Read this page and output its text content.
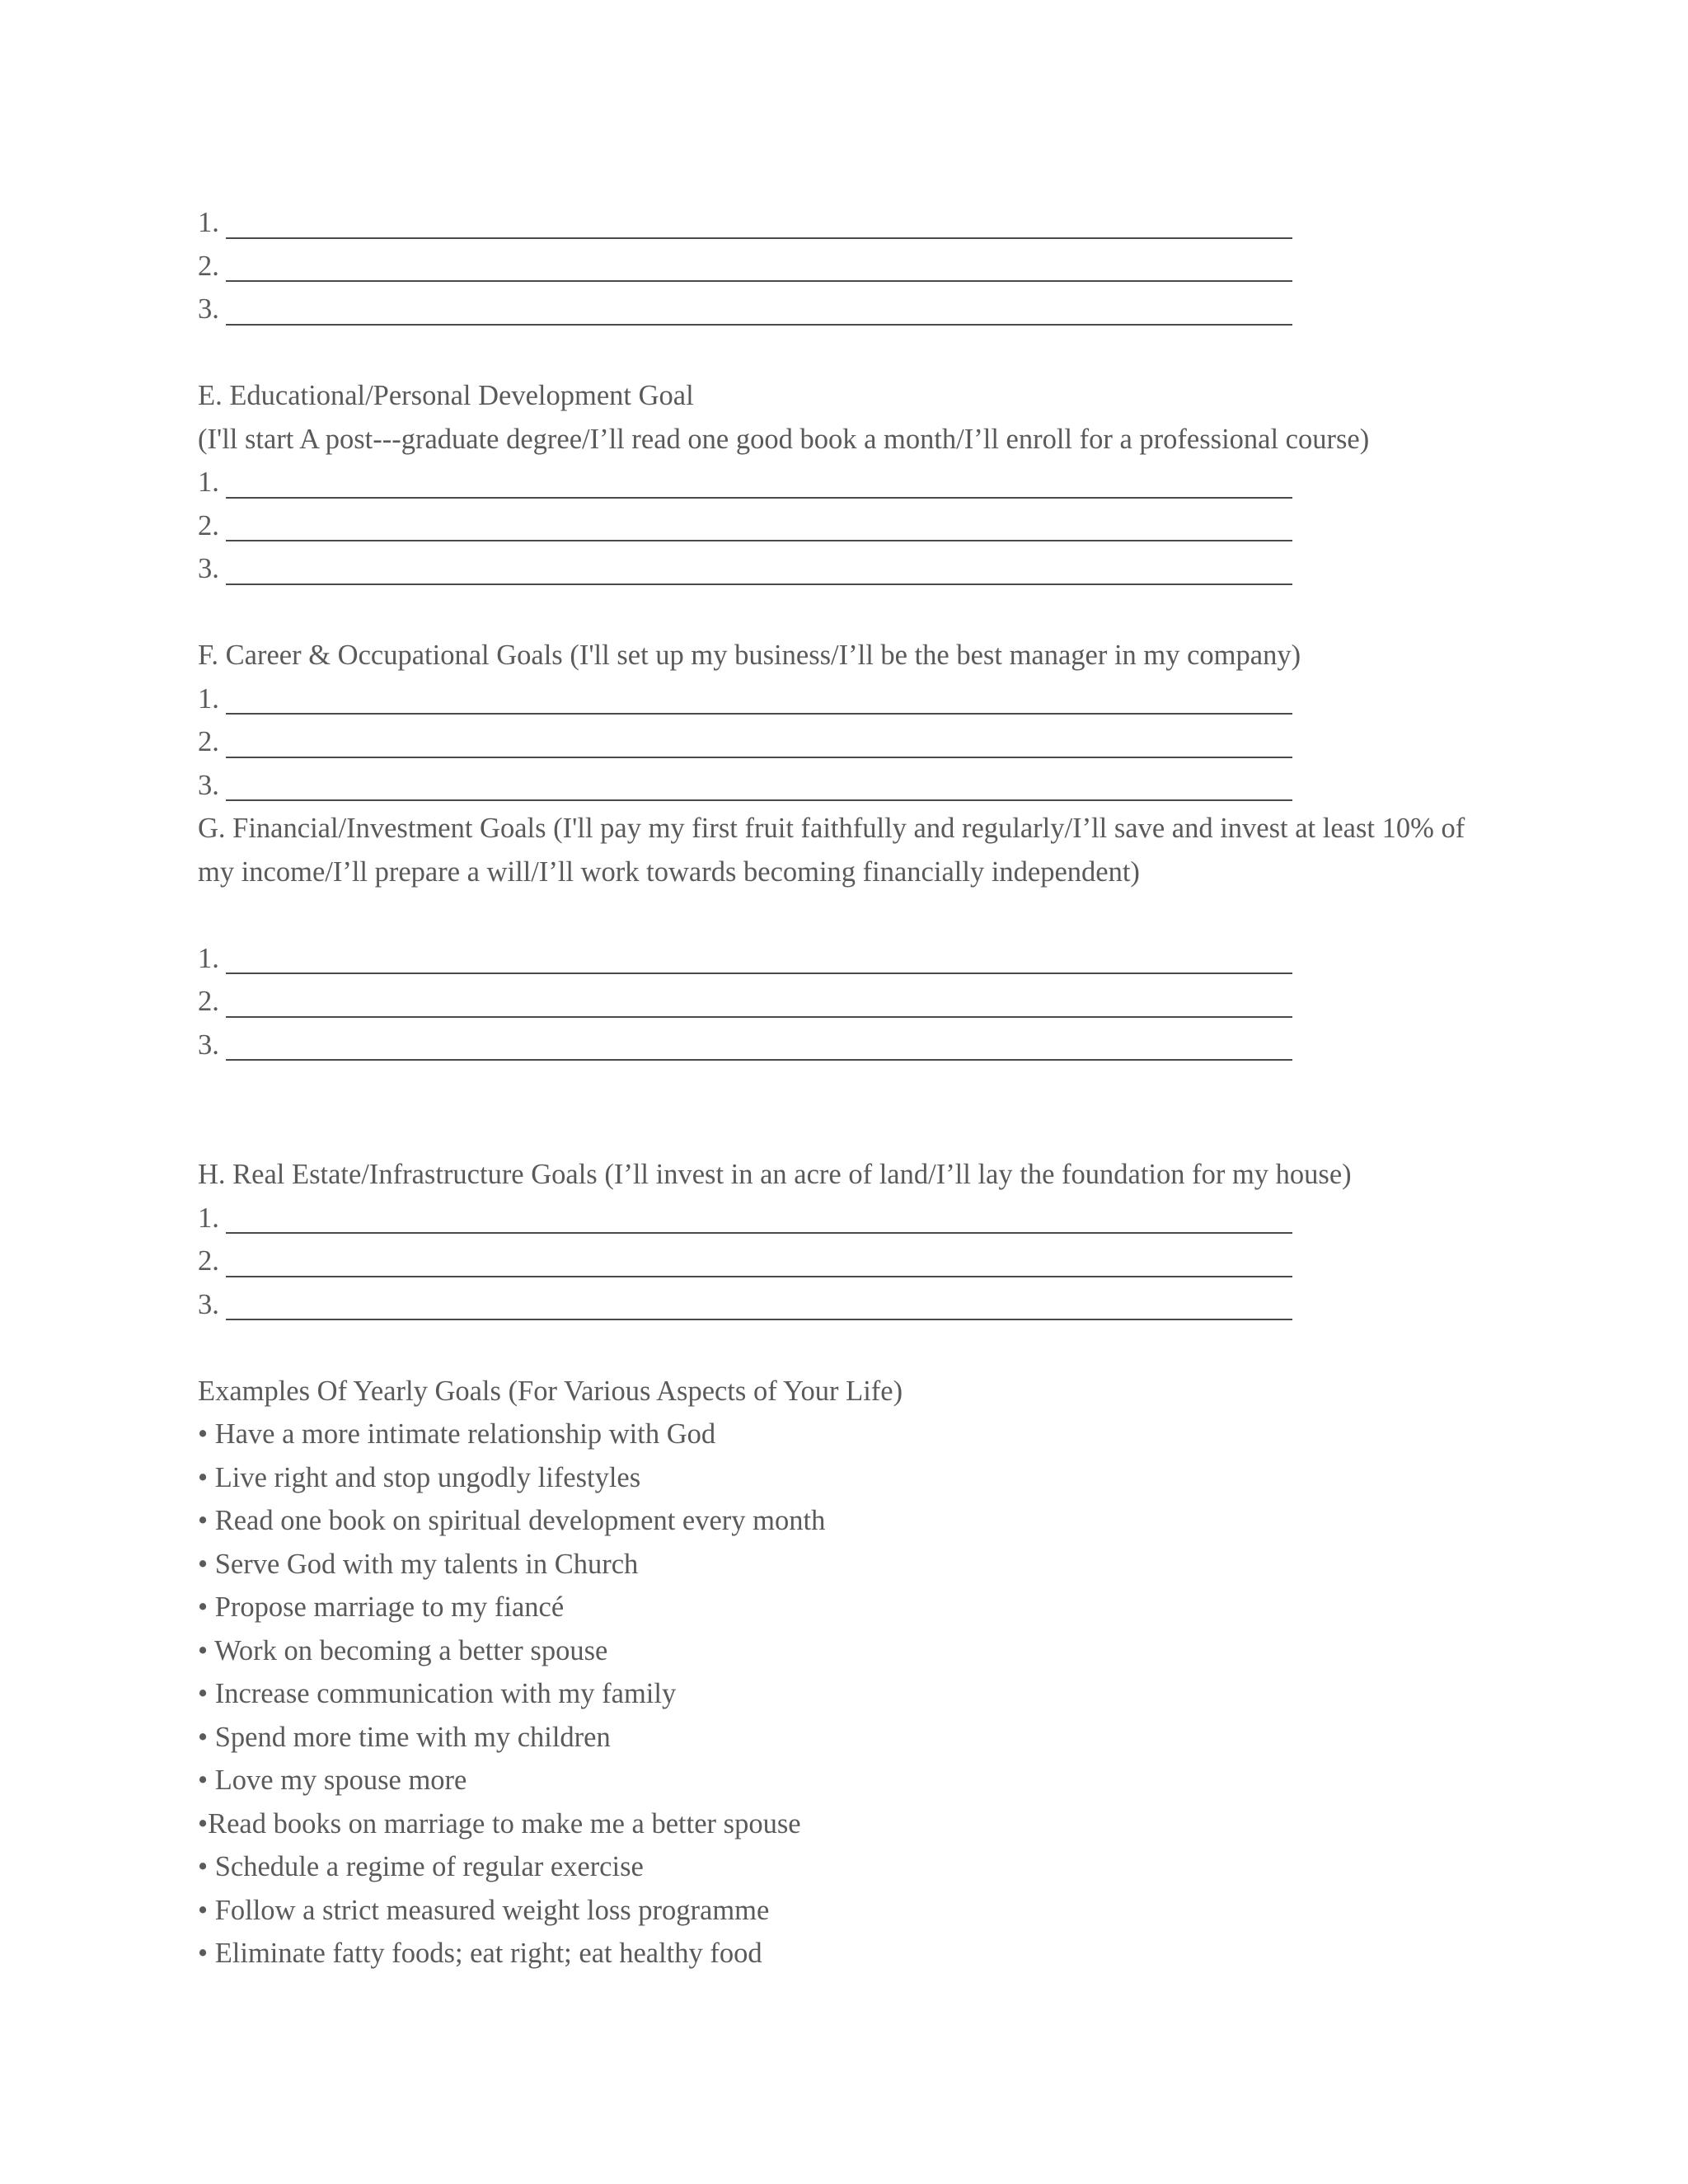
1.
2.
3.
E. Educational/Personal Development Goal
(I'll start A post---graduate degree/I’ll read one good book a month/I’ll enroll for a professional course)
1.
2.
3.
F. Career & Occupational Goals (I'll set up my business/I’ll be the best manager in my company)
1.
2.
3.
G. Financial/Investment Goals (I'll pay my first fruit faithfully and regularly/I’ll save and invest at least 10% of my income/I’ll prepare a will/I’ll work towards becoming financially independent)
1.
2.
3.
H. Real Estate/Infrastructure Goals (I’ll invest in an acre of land/I’ll lay the foundation for my house)
1.
2.
3.
Examples Of Yearly Goals (For Various Aspects of Your Life)
• Have a more intimate relationship with God
• Live right and stop ungodly lifestyles
• Read one book on spiritual development every month
• Serve God with my talents in Church
• Propose marriage to my fiancé
• Work on becoming a better spouse
• Increase communication with my family
• Spend more time with my children
• Love my spouse more
•Read books on marriage to make me a better spouse
• Schedule a regime of regular exercise
• Follow a strict measured weight loss programme
• Eliminate fatty foods; eat right; eat healthy food
